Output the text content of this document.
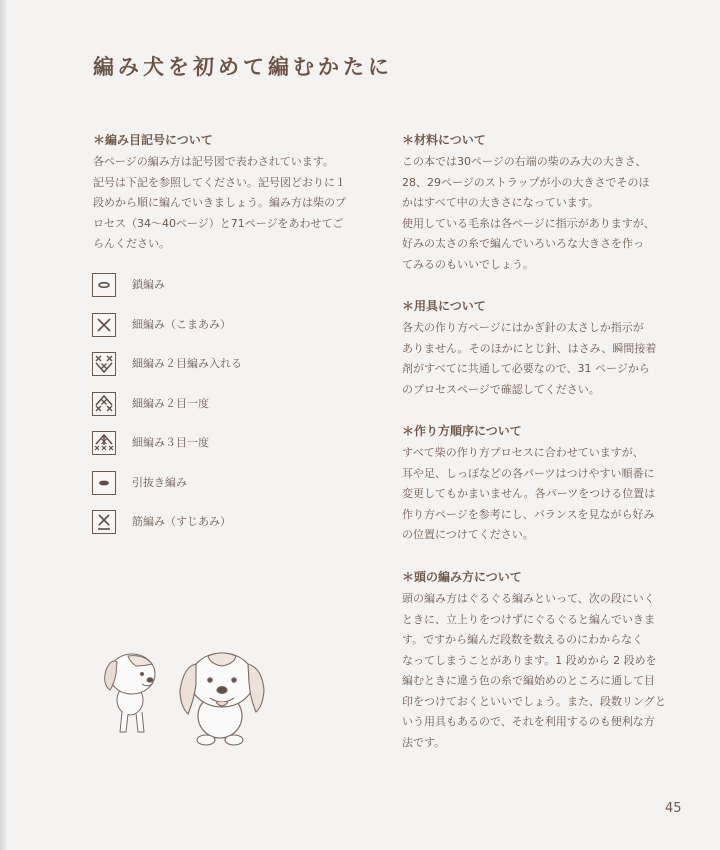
編み犬を初めて編むかたに

＊編み目記号について

各ページの編み方は記号図で表わされています。
記号は下記を参照してください。記号図どおりに１
段めから順に編んでいきましょう。編み方は柴のプ
ロセス（34～40ページ）と71ページをあわせてご
らんください。
鎖編み
細編み（こまあみ）
細編み２目編み入れる
細編み２目一度
細編み３目一度
引抜き編み
筋編み（すじあみ）

＊材料について

この本では30ページの右端の柴のみ大の大きさ、
28、29ページのストラップが小の大きさでそのほ
かはすべて中の大きさになっています。
使用している毛糸は各ページに指示がありますが、
好みの太さの糸で編んでいろいろな大きさを作っ
てみるのもいいでしょう。

＊用具について

各犬の作り方ページにはかぎ針の太さしか指示が
ありません。そのほかにとじ針、はさみ、瞬間接着
剤がすべてに共通して必要なので、31 ページから
のプロセスページで確認してください。

＊作り方順序について

すべて柴の作り方プロセスに合わせていますが、
耳や足、しっぽなどの各パーツはつけやすい順番に
変更してもかまいません。各パーツをつける位置は
作り方ページを参考にし、バランスを見ながら好み
の位置につけてください。

＊頭の編み方について

頭の編み方はぐるぐる編みといって、次の段にいく
ときに、立上りをつけずにぐるぐると編んでいきま
す。ですから編んだ段数を数えるのにわからなく
なってしまうことがあります。1 段めから 2 段めを
編むときに違う色の糸で編始めのところに通して目
印をつけておくといいでしょう。また、段数リングと
いう用具もあるので、それを利用するのも便利な方
法です。
45
